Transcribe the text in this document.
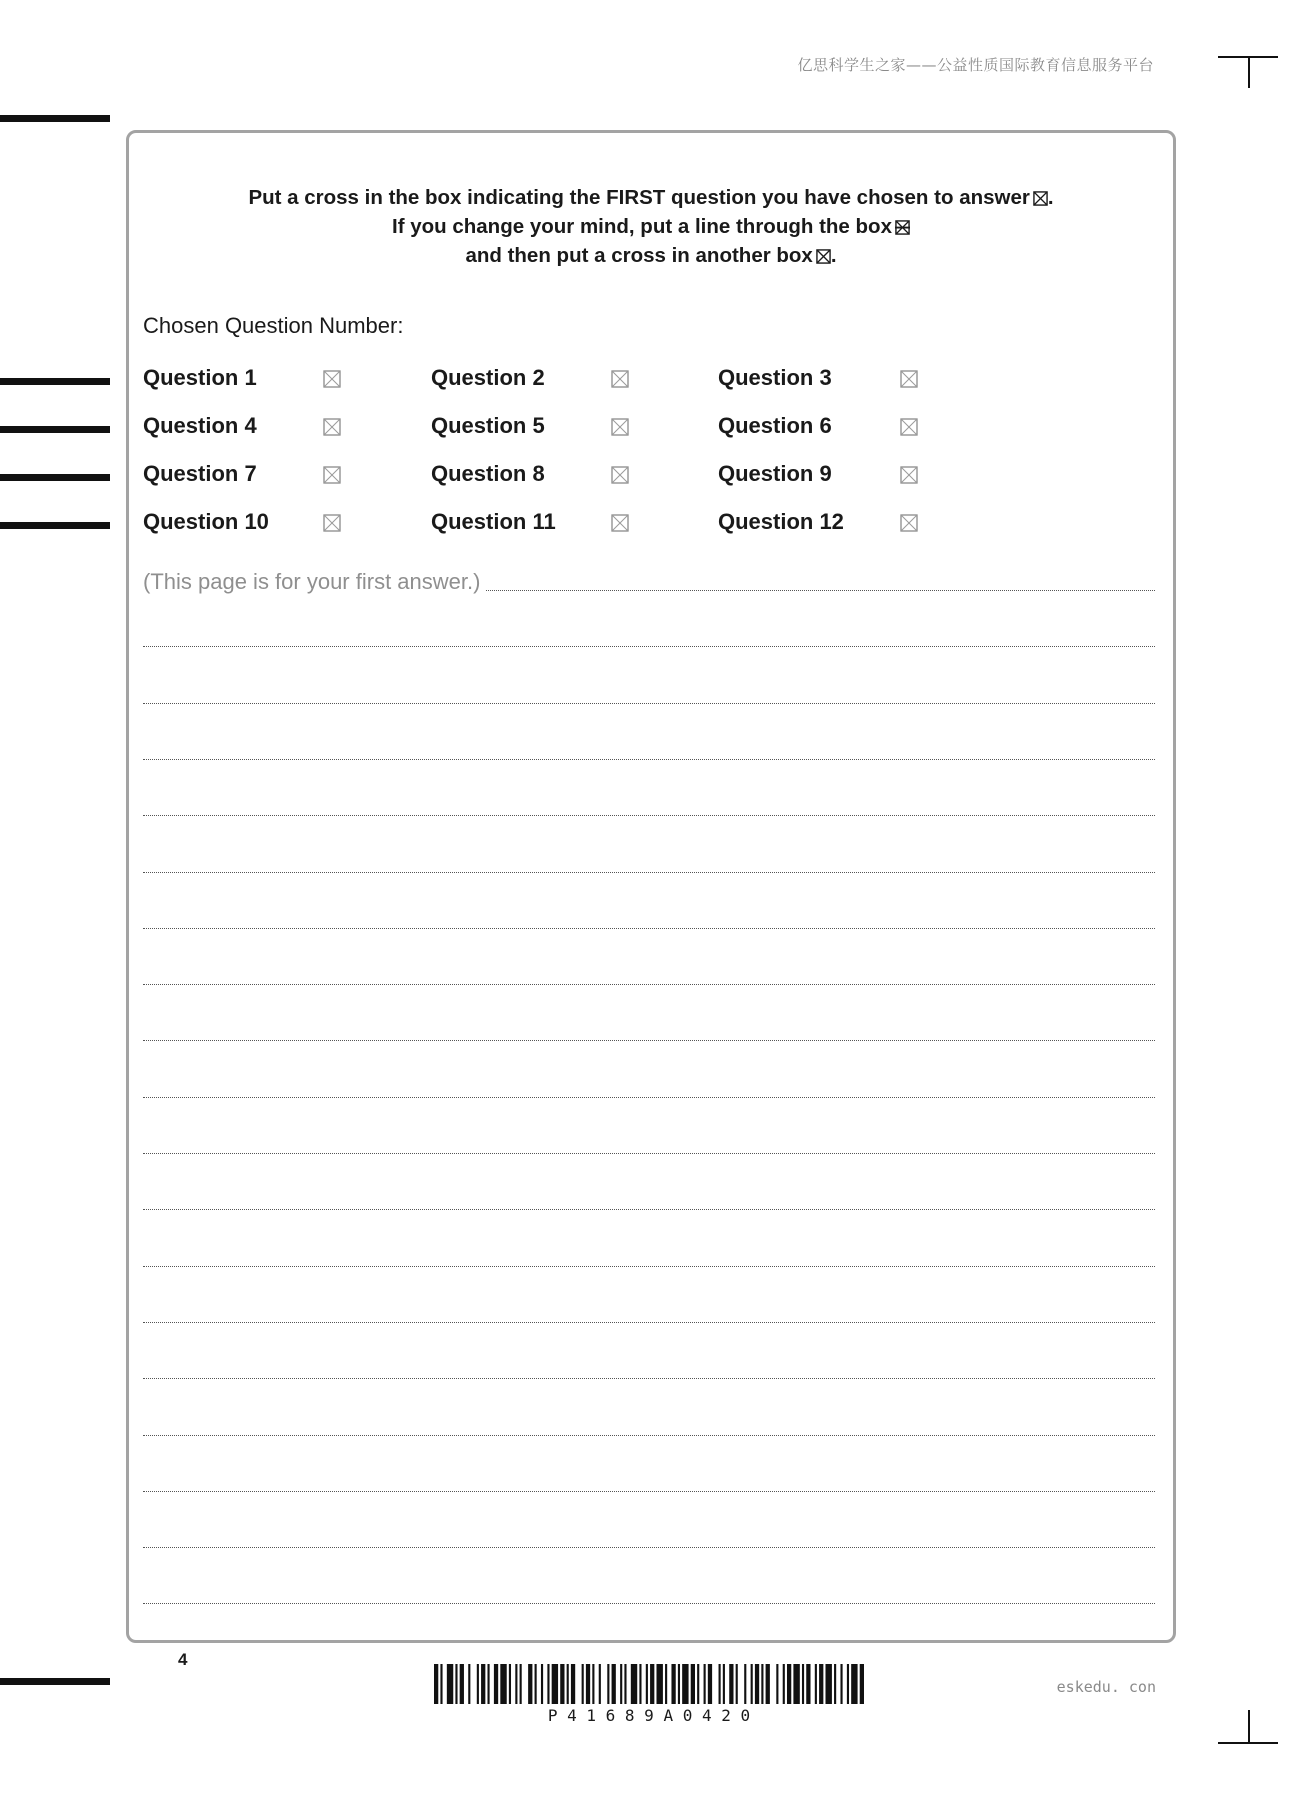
亿思科学生之家——公益性质国际教育信息服务平台
Put a cross in the box indicating the FIRST question you have chosen to answer ☒.
If you change your mind, put a line through the box
and then put a cross in another box ☒.
Chosen Question Number:
Question 1	Question 2	Question 3
Question 4	Question 5	Question 6
Question 7	Question 8	Question 9
Question 10	Question 11	Question 12
(This page is for your first answer.)
4
P 4 1 6 8 9 A 0 4 2 0
eskedu. con
